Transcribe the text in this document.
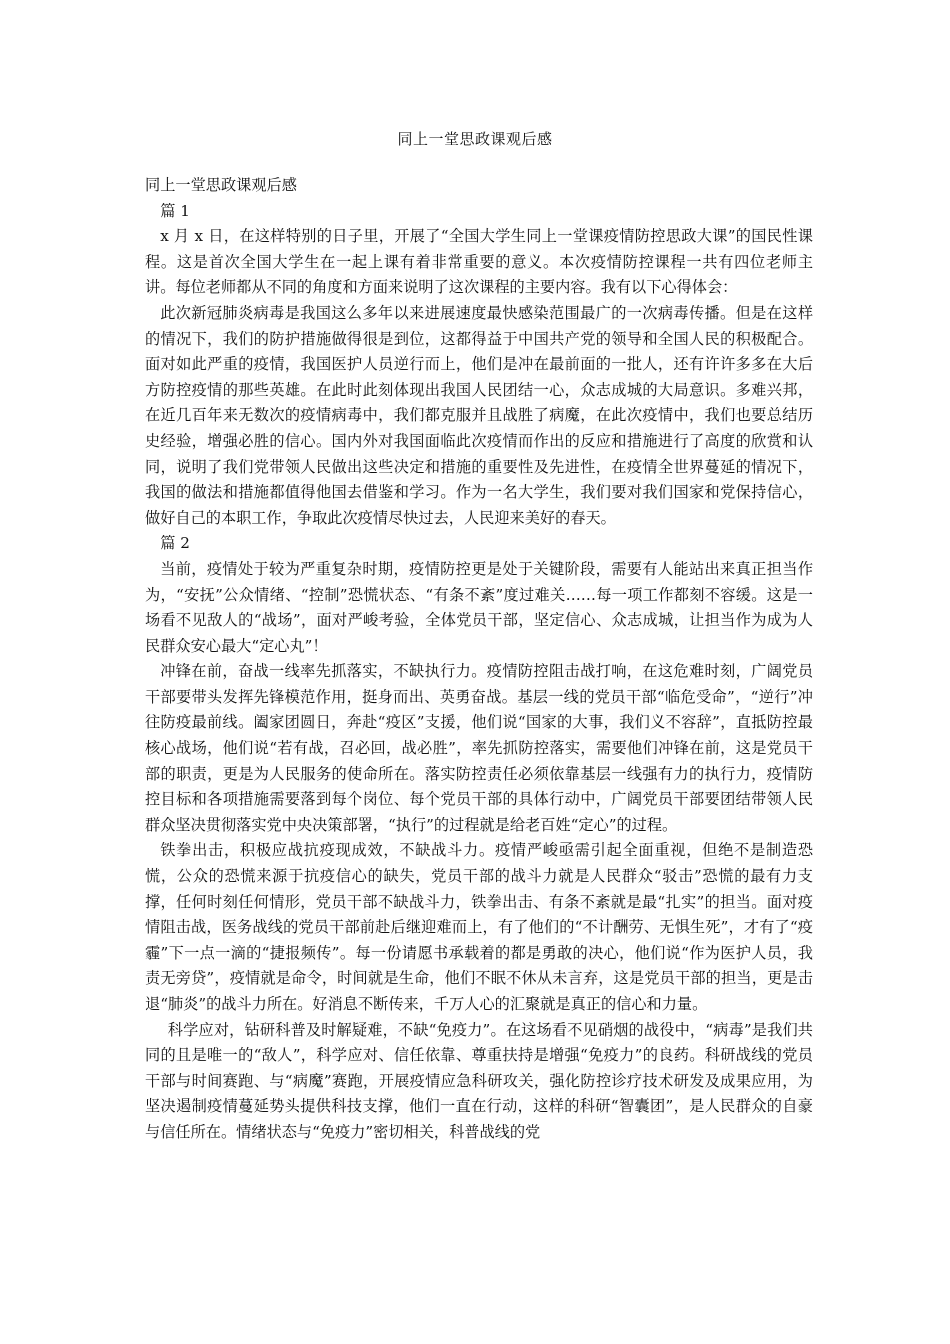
同上一堂思政课观后感

同上一堂思政课观后感

篇 1

x 月 x 日，在这样特别的日子里，开展了“全国大学生同上一堂课疫情防控思政大课”的国民性课程。这是首次全国大学生在一起上课有着非常重要的意义。本次疫情防控课程一共有四位老师主讲。每位老师都从不同的角度和方面来说明了这次课程的主要内容。我有以下心得体会：

此次新冠肺炎病毒是我国这么多年以来进展速度最快感染范围最广的一次病毒传播。但是在这样的情况下，我们的防护措施做得很是到位，这都得益于中国共产党的领导和全国人民的积极配合。面对如此严重的疫情，我国医护人员逆行而上，他们是冲在最前面的一批人，还有许许多多在大后方防控疫情的那些英雄。在此时此刻体现出我国人民团结一心，众志成城的大局意识。多难兴邦，在近几百年来无数次的疫情病毒中，我们都克服并且战胜了病魔，在此次疫情中，我们也要总结历史经验，增强必胜的信心。国内外对我国面临此次疫情而作出的反应和措施进行了高度的欣赏和认同，说明了我们党带领人民做出这些决定和措施的重要性及先进性，在疫情全世界蔓延的情况下，我国的做法和措施都值得他国去借鉴和学习。作为一名大学生，我们要对我们国家和党保持信心，做好自己的本职工作，争取此次疫情尽快过去，人民迎来美好的春天。

篇 2

当前，疫情处于较为严重复杂时期，疫情防控更是处于关键阶段，需要有人能站出来真正担当作为，“安抚”公众情绪、“控制”恐慌状态、“有条不紊”度过难关……每一项工作都刻不容缓。这是一场看不见敌人的“战场”，面对严峻考验，全体党员干部，坚定信心、众志成城，让担当作为成为人民群众安心最大“定心丸”！

冲锋在前，奋战一线率先抓落实，不缺执行力。疫情防控阻击战打响，在这危难时刻，广阔党员干部要带头发挥先锋模范作用，挺身而出、英勇奋战。基层一线的党员干部“临危受命”，“逆行”冲往防疫最前线。阖家团圆日，奔赴“疫区”支援，他们说“国家的大事，我们义不容辞”，直抵防控最核心战场，他们说“若有战，召必回，战必胜”，率先抓防控落实，需要他们冲锋在前，这是党员干部的职责，更是为人民服务的使命所在。落实防控责任必须依靠基层一线强有力的执行力，疫情防控目标和各项措施需要落到每个岗位、每个党员干部的具体行动中，广阔党员干部要团结带领人民群众坚决贯彻落实党中央决策部署，“执行”的过程就是给老百姓“定心”的过程。

铁拳出击，积极应战抗疫现成效，不缺战斗力。疫情严峻亟需引起全面重视，但绝不是制造恐慌，公众的恐慌来源于抗疫信心的缺失，党员干部的战斗力就是人民群众“驳击”恐慌的最有力支撑，任何时刻任何情形，党员干部不缺战斗力，铁拳出击、有条不紊就是最“扎实”的担当。面对疫情阻击战，医务战线的党员干部前赴后继迎难而上，有了他们的“不计酬劳、无惧生死”，才有了“疫霾”下一点一滴的“捷报频传”。每一份请愿书承载着的都是勇敢的决心，他们说“作为医护人员，我责无旁贷”，疫情就是命令，时间就是生命，他们不眠不休从未言弃，这是党员干部的担当，更是击退“肺炎”的战斗力所在。好消息不断传来，千万人心的汇聚就是真正的信心和力量。

科学应对，钻研科普及时解疑难，不缺“免疫力”。在这场看不见硝烟的战役中，“病毒”是我们共同的且是唯一的“敌人”，科学应对、信任依靠、尊重扶持是增强“免疫力”的良药。科研战线的党员干部与时间赛跑、与“病魔”赛跑，开展疫情应急科研攻关，强化防控诊疗技术研发及成果应用，为坚决遏制疫情蔓延势头提供科技支撑，他们一直在行动，这样的科研“智囊团”，是人民群众的自豪与信任所在。情绪状态与“免疫力”密切相关，科普战线的党
